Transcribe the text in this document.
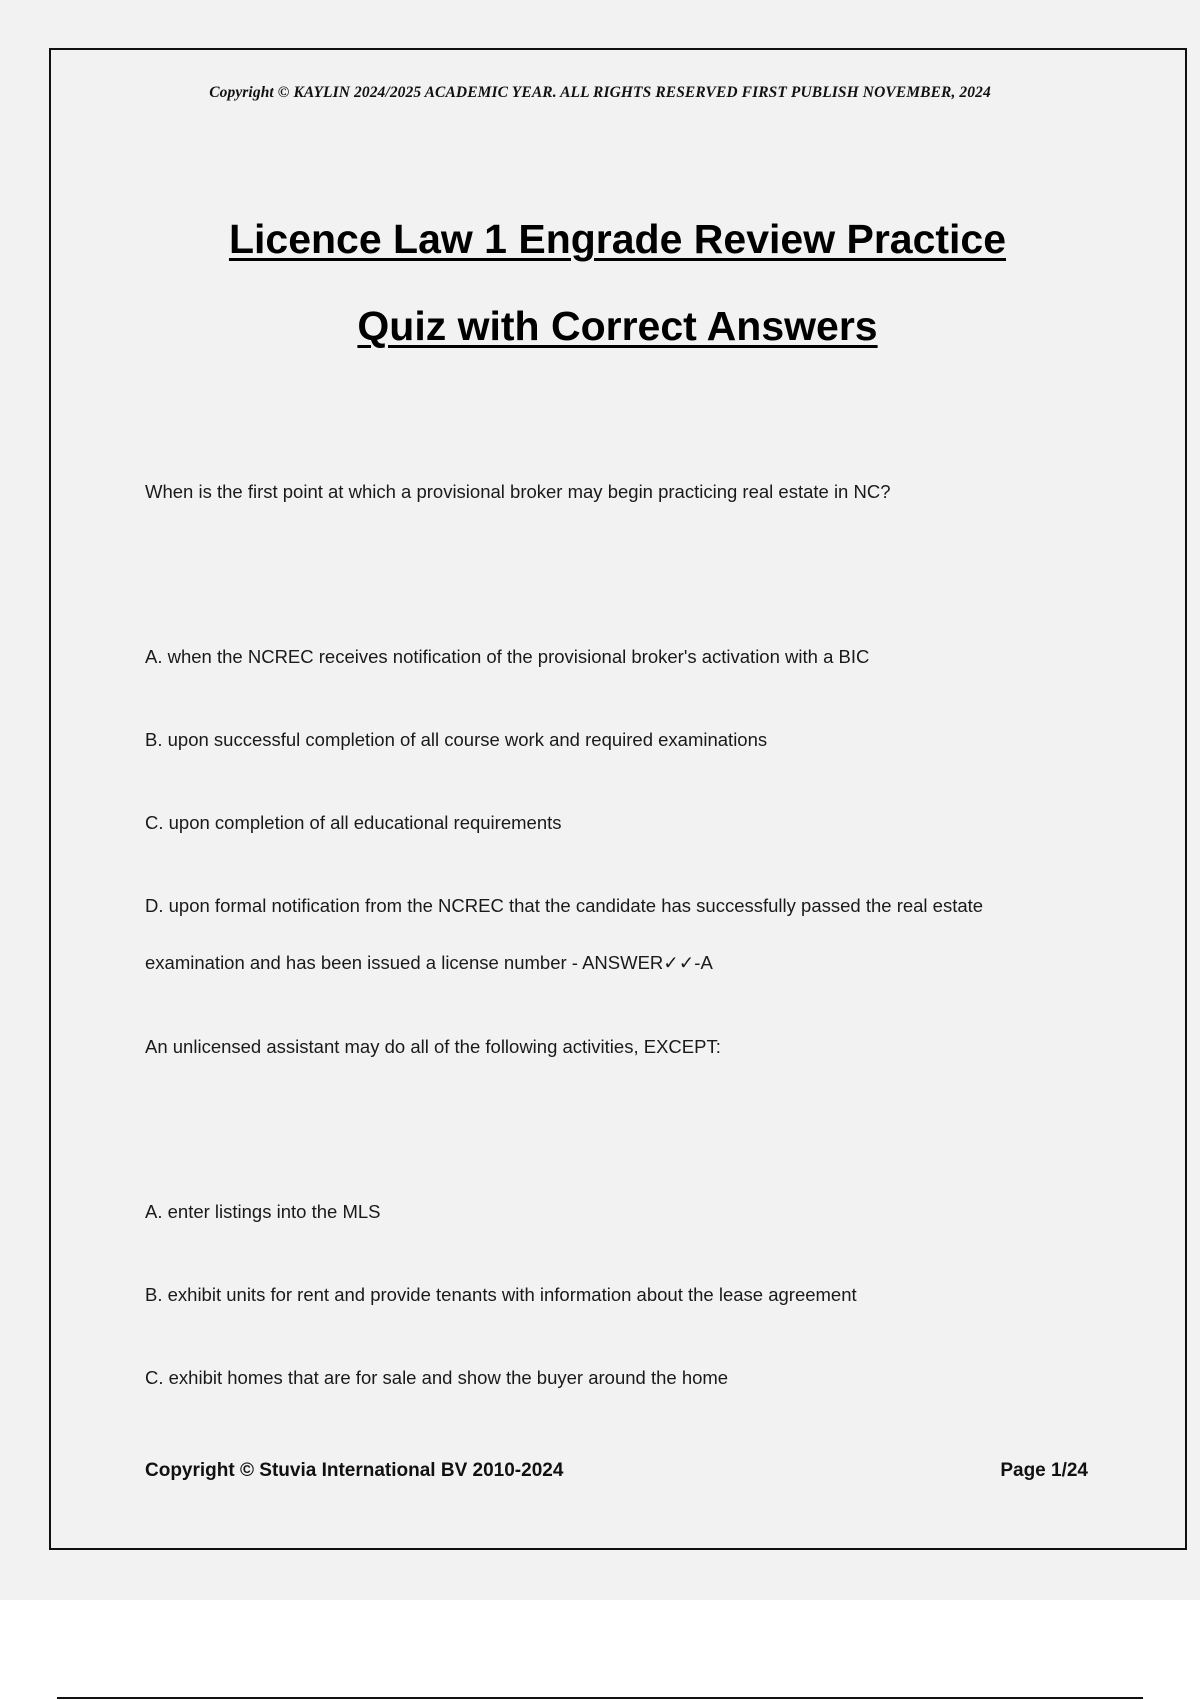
Copyright © KAYLIN 2024/2025 ACADEMIC YEAR. ALL RIGHTS RESERVED FIRST PUBLISH NOVEMBER, 2024
Licence Law 1 Engrade Review Practice
Quiz with Correct Answers
When is the first point at which a provisional broker may begin practicing real estate in NC?
A. when the NCREC receives notification of the provisional broker's activation with a BIC
B. upon successful completion of all course work and required examinations
C. upon completion of all educational requirements
D. upon formal notification from the NCREC that the candidate has successfully passed the real estate
examination and has been issued a license number - ANSWER✓✓-A
An unlicensed assistant may do all of the following activities, EXCEPT:
A. enter listings into the MLS
B. exhibit units for rent and provide tenants with information about the lease agreement
C. exhibit homes that are for sale and show the buyer around the home
Copyright © Stuvia International BV 2010-2024	Page 1/24
